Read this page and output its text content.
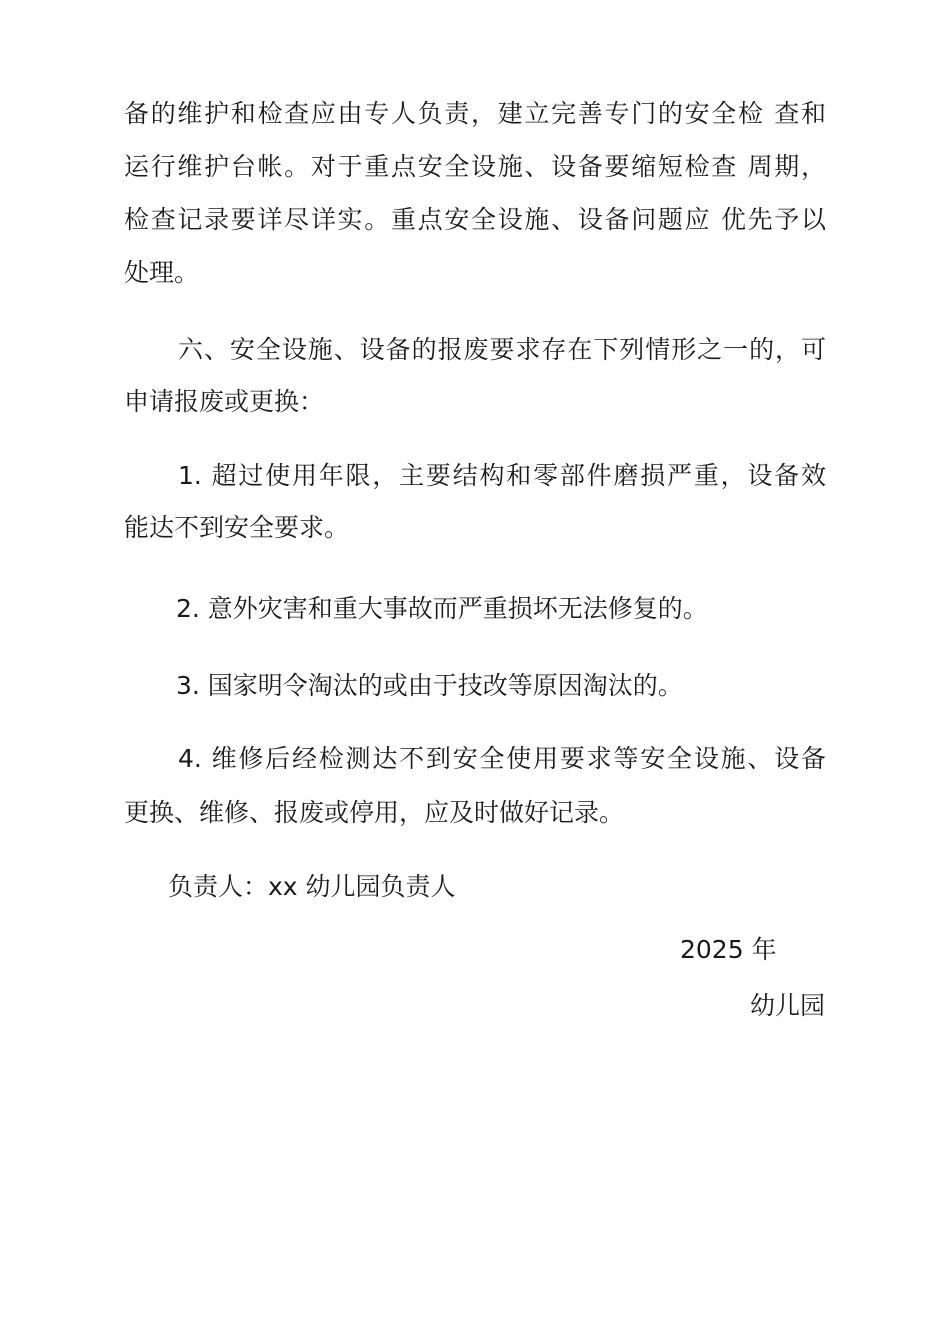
备的维护和检查应由专人负责，建立完善专门的安全检 查和
运行维护台帐。对于重点安全设施、设备要缩短检查 周期，
检查记录要详尽详实。重点安全设施、设备问题应 优先予以
处理。
六、安全设施、设备的报废要求存在下列情形之一的，可
申请报废或更换：
1. 超过使用年限，主要结构和零部件磨损严重，设备效
能达不到安全要求。
2. 意外灾害和重大事故而严重损坏无法修复的。
3. 国家明令淘汰的或由于技改等原因淘汰的。
4. 维修后经检测达不到安全使用要求等安全设施、设备
更换、维修、报废或停用，应及时做好记录。
负责人：xx 幼儿园负责人
2025 年
幼儿园
